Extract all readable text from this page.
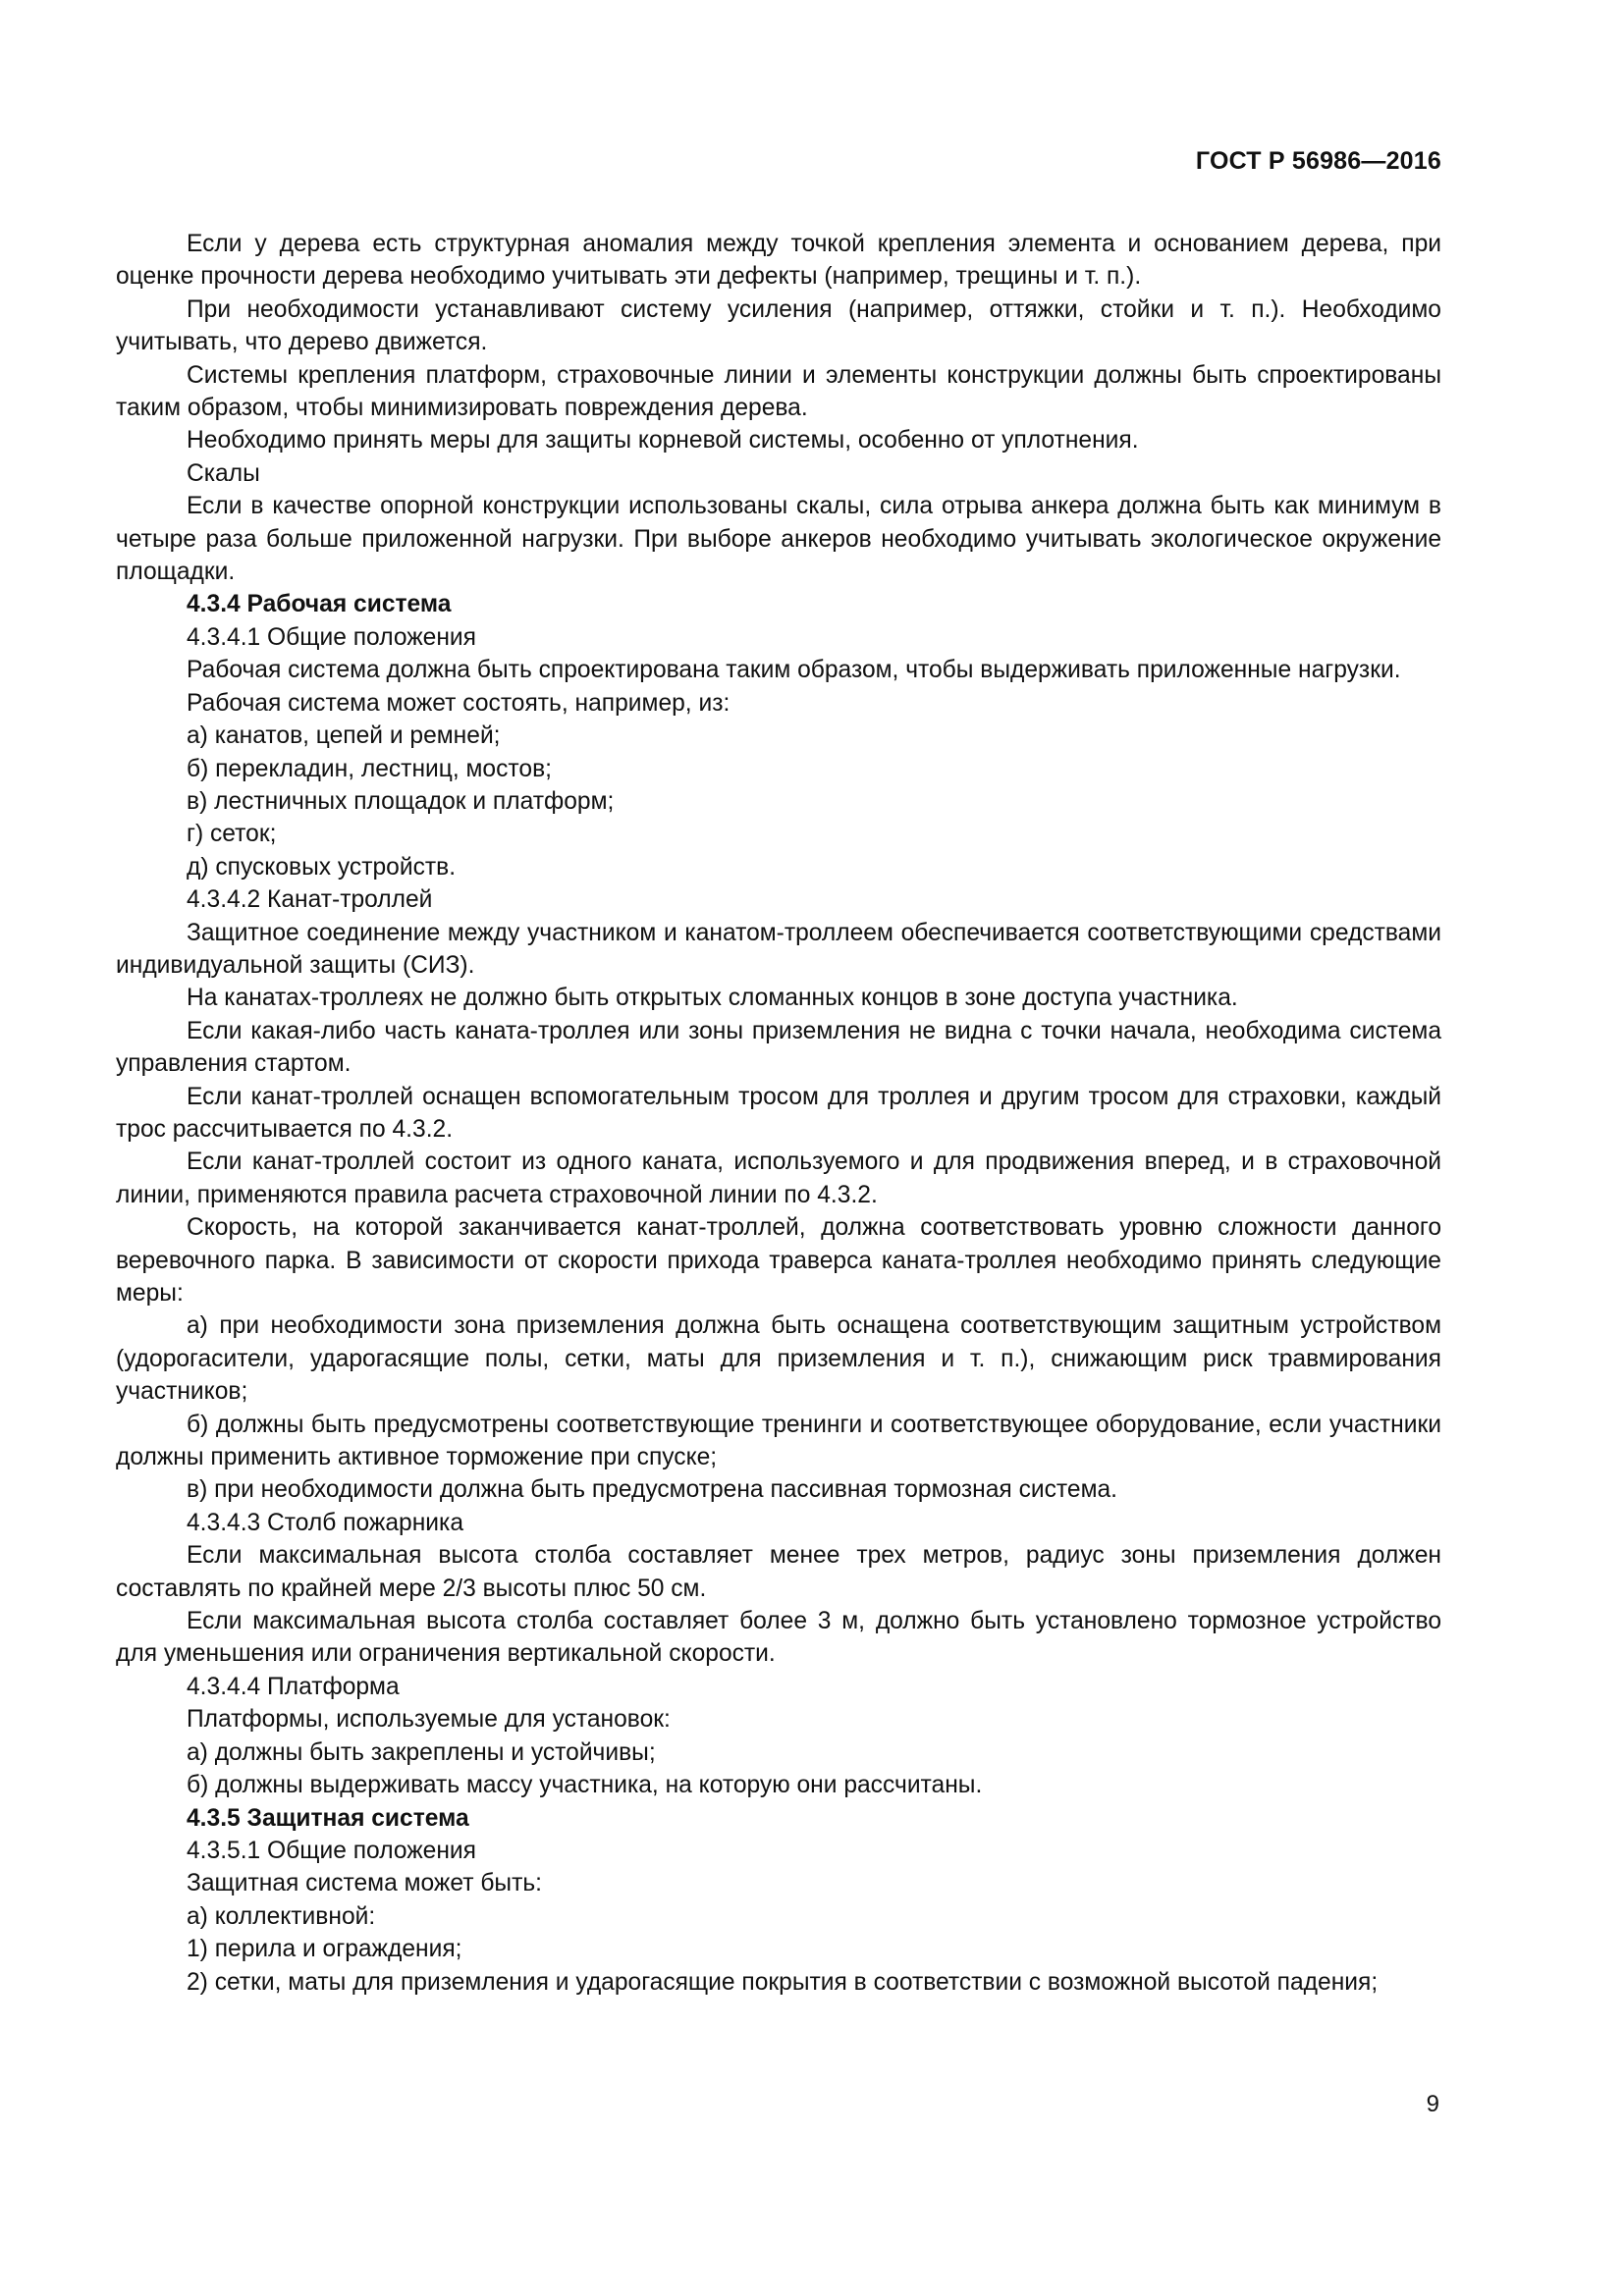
ГОСТ Р 56986—2016

Если у дерева есть структурная аномалия между точкой крепления элемента и основанием дерева, при оценке прочности дерева необходимо учитывать эти дефекты (например, трещины и т. п.).

При необходимости устанавливают систему усиления (например, оттяжки, стойки и т. п.). Необходимо учитывать, что дерево движется.

Системы крепления платформ, страховочные линии и элементы конструкции должны быть спроектированы таким образом, чтобы минимизировать повреждения дерева.

Необходимо принять меры для защиты корневой системы, особенно от уплотнения.

Скалы

Если в качестве опорной конструкции использованы скалы, сила отрыва анкера должна быть как минимум в четыре раза больше приложенной нагрузки. При выборе анкеров необходимо учитывать экологическое окружение площадки.

4.3.4 Рабочая система

4.3.4.1 Общие положения

Рабочая система должна быть спроектирована таким образом, чтобы выдерживать приложенные нагрузки.

Рабочая система может состоять, например, из:

а) канатов, цепей и ремней;

б) перекладин, лестниц, мостов;

в) лестничных площадок и платформ;

г) сеток;

д) спусковых устройств.

4.3.4.2 Канат-троллей

Защитное соединение между участником и канатом-троллеем обеспечивается соответствующими средствами индивидуальной защиты (СИЗ).

На канатах-троллеях не должно быть открытых сломанных концов в зоне доступа участника.

Если какая-либо часть каната-троллея или зоны приземления не видна с точки начала, необходима система управления стартом.

Если канат-троллей оснащен вспомогательным тросом для троллея и другим тросом для страховки, каждый трос рассчитывается по 4.3.2.

Если канат-троллей состоит из одного каната, используемого и для продвижения вперед, и в страховочной линии, применяются правила расчета страховочной линии по 4.3.2.

Скорость, на которой заканчивается канат-троллей, должна соответствовать уровню сложности данного веревочного парка. В зависимости от скорости прихода траверса каната-троллея необходимо принять следующие меры:

а) при необходимости зона приземления должна быть оснащена соответствующим защитным устройством (удорогасители, ударогасящие полы, сетки, маты для приземления и т. п.), снижающим риск травмирования участников;

б) должны быть предусмотрены соответствующие тренинги и соответствующее оборудование, если участники должны применить активное торможение при спуске;

в) при необходимости должна быть предусмотрена пассивная тормозная система.

4.3.4.3 Столб пожарника

Если максимальная высота столба составляет менее трех метров, радиус зоны приземления должен составлять по крайней мере 2/3 высоты плюс 50 см.

Если максимальная высота столба составляет более 3 м, должно быть установлено тормозное устройство для уменьшения или ограничения вертикальной скорости.

4.3.4.4 Платформа

Платформы, используемые для установок:

а) должны быть закреплены и устойчивы;

б) должны выдерживать массу участника, на которую они рассчитаны.

4.3.5 Защитная система

4.3.5.1 Общие положения

Защитная система может быть:

а) коллективной:

1) перила и ограждения;

2) сетки, маты для приземления и ударогасящие покрытия в соответствии с возможной высотой падения;

9
